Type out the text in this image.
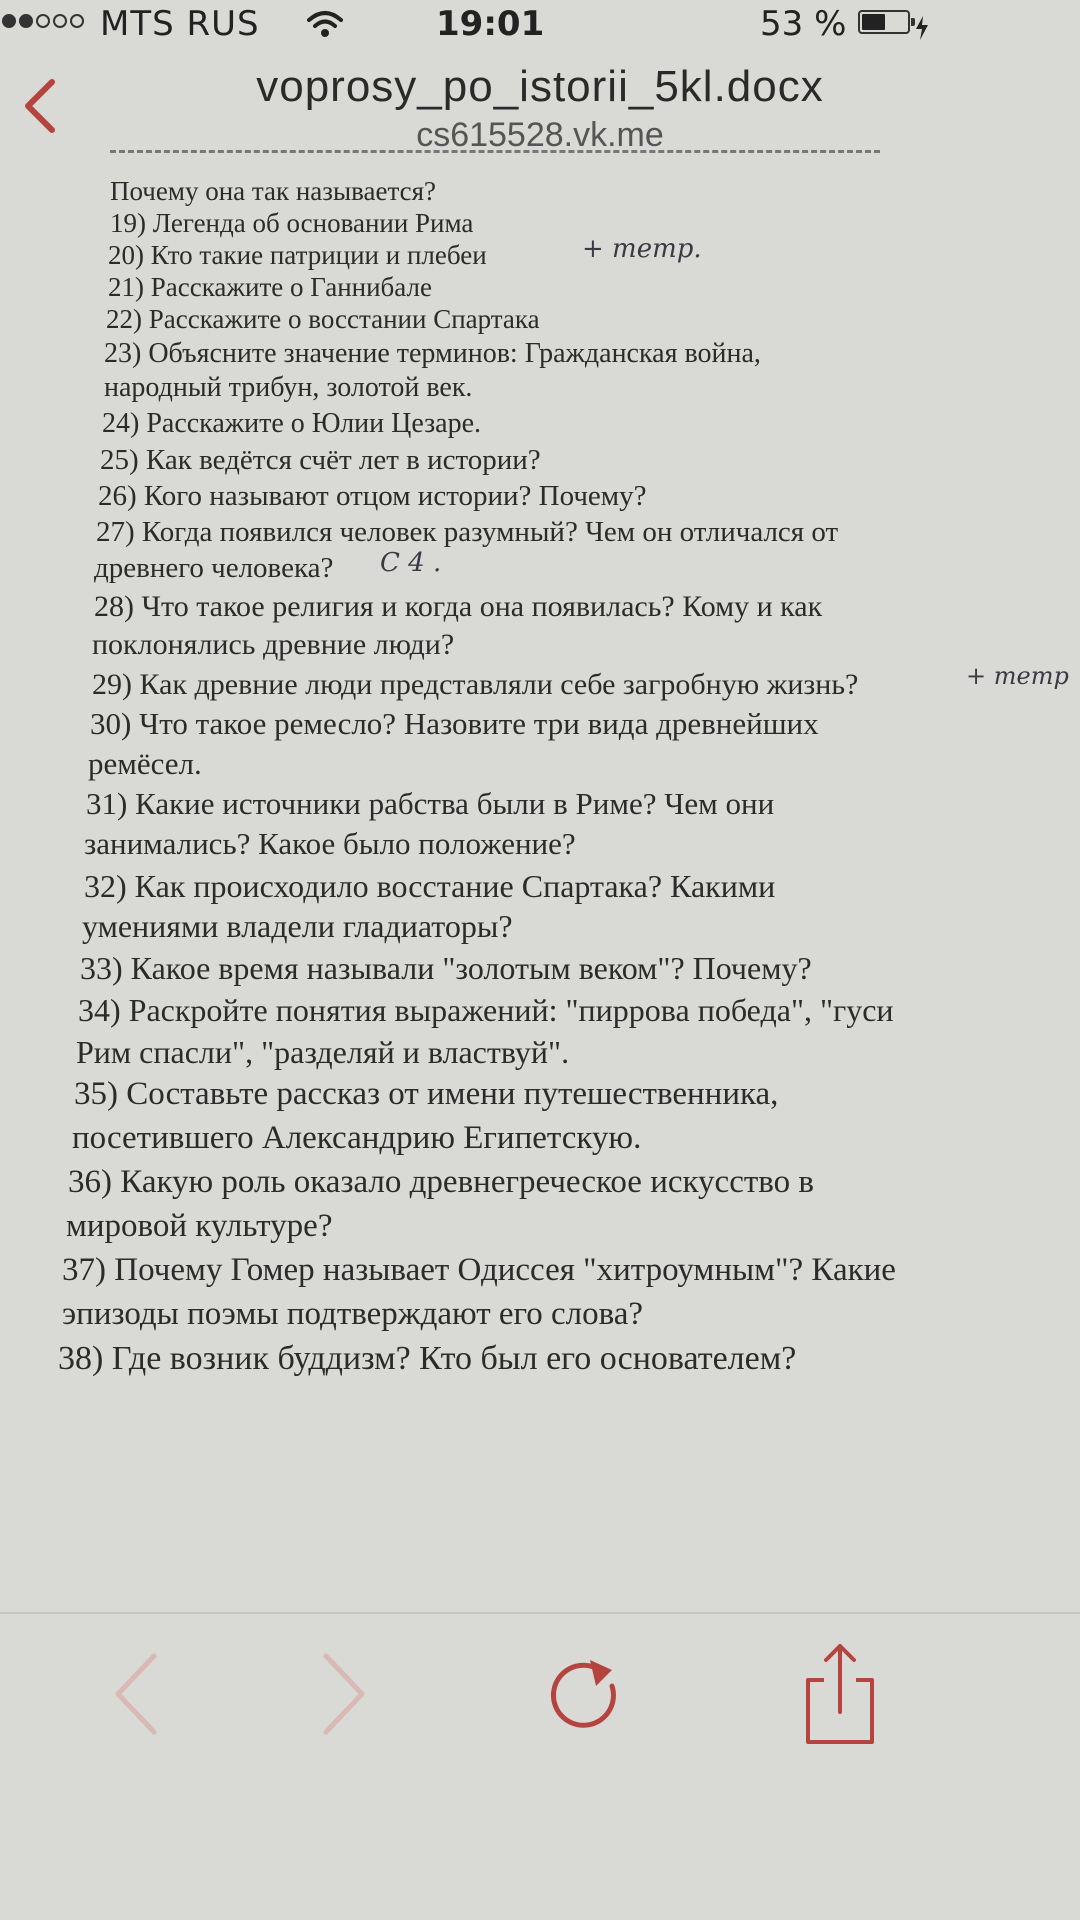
MTS RUS	19:01	53 %
voprosy_po_istorii_5kl.docx
cs615528.vk.me
Почему она так называется?
19) Легенда об основании Рима
20) Кто такие патриции и плебеи
21) Расскажите о Ганнибале
22) Расскажите о восстании Спартака
23) Объясните значение терминов: Гражданская война,
народный трибун, золотой век.
24) Расскажите о Юлии Цезаре.
25) Как ведётся счёт лет в истории?
26) Кого называют отцом истории? Почему?
27) Когда появился человек разумный? Чем он отличался от
древнего человека?
28) Что такое религия и когда она появилась? Кому и как
поклонялись древние люди?
29) Как древние люди представляли себе загробную жизнь?
30) Что такое ремесло? Назовите три вида древнейших
ремёсел.
31) Какие источники рабства были в Риме? Чем они
занимались? Какое было положение?
32) Как происходило восстание Спартака? Какими
умениями владели гладиаторы?
33) Какое время называли "золотым веком"? Почему?
34) Раскройте понятия выражений: "пиррова победа", "гуси
Рим спасли", "разделяй и властвуй".
35) Составьте рассказ от имени путешественника,
посетившего Александрию Египетскую.
36) Какую роль оказало древнегреческое искусство в
мировой культуре?
37) Почему Гомер называет Одиссея "хитроумным"? Какие
эпизоды поэмы подтверждают его слова?
38) Где возник буддизм? Кто был его основателем?
+ тетр.
С 4 .
+ тетр
